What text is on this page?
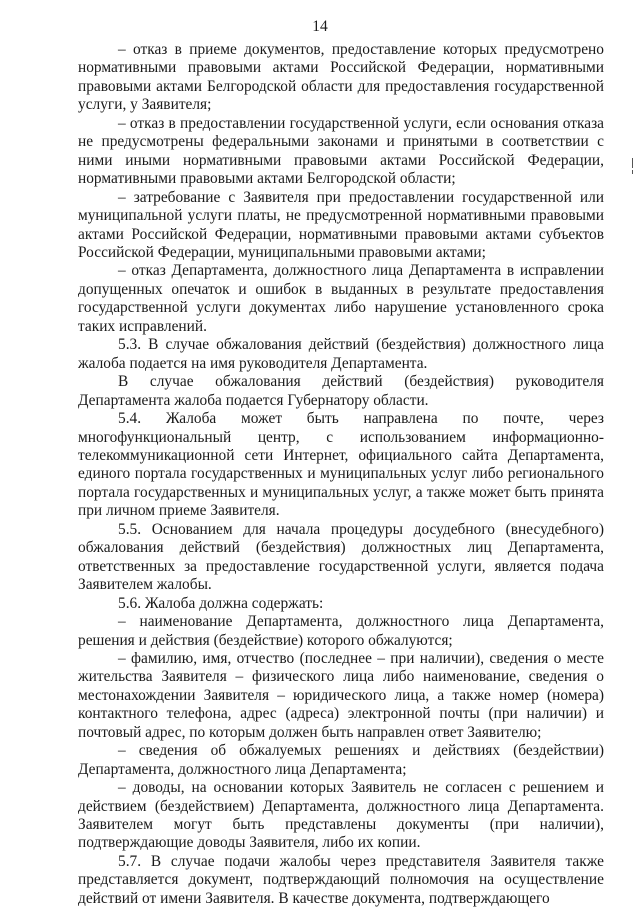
14

– отказ в приеме документов, предоставление которых предусмотрено нормативными правовыми актами Российской Федерации, нормативными правовыми актами Белгородской области для предоставления государственной услуги, у Заявителя;

– отказ в предоставлении государственной услуги, если основания отказа не предусмотрены федеральными законами и принятыми в соответствии с ними иными нормативными правовыми актами Российской Федерации, нормативными правовыми актами Белгородской области;

– затребование с Заявителя при предоставлении государственной или муниципальной услуги платы, не предусмотренной нормативными правовыми актами Российской Федерации, нормативными правовыми актами субъектов Российской Федерации, муниципальными правовыми актами;

– отказ Департамента, должностного лица Департамента в исправлении допущенных опечаток и ошибок в выданных в результате предоставления государственной услуги документах либо нарушение установленного срока таких исправлений.

5.3. В случае обжалования действий (бездействия) должностного лица жалоба подается на имя руководителя Департамента.

В случае обжалования действий (бездействия) руководителя Департамента жалоба подается Губернатору области.

5.4. Жалоба может быть направлена по почте, через многофункциональный центр, с использованием информационно-телекоммуникационной сети Интернет, официального сайта Департамента, единого портала государственных и муниципальных услуг либо регионального портала государственных и муниципальных услуг, а также может быть принята при личном приеме Заявителя.

5.5. Основанием для начала процедуры досудебного (внесудебного) обжалования действий (бездействия) должностных лиц Департамента, ответственных за предоставление государственной услуги, является подача Заявителем жалобы.

5.6. Жалоба должна содержать:

– наименование Департамента, должностного лица Департамента, решения и действия (бездействие) которого обжалуются;

– фамилию, имя, отчество (последнее – при наличии), сведения о месте жительства Заявителя – физического лица либо наименование, сведения о местонахождении Заявителя – юридического лица, а также номер (номера) контактного телефона, адрес (адреса) электронной почты (при наличии) и почтовый адрес, по которым должен быть направлен ответ Заявителю;

– сведения об обжалуемых решениях и действиях (бездействии) Департамента, должностного лица Департамента;

– доводы, на основании которых Заявитель не согласен с решением и действием (бездействием) Департамента, должностного лица Департамента. Заявителем могут быть представлены документы (при наличии), подтверждающие доводы Заявителя, либо их копии.

5.7. В случае подачи жалобы через представителя Заявителя также представляется документ, подтверждающий полномочия на осуществление действий от имени Заявителя. В качестве документа, подтверждающего
